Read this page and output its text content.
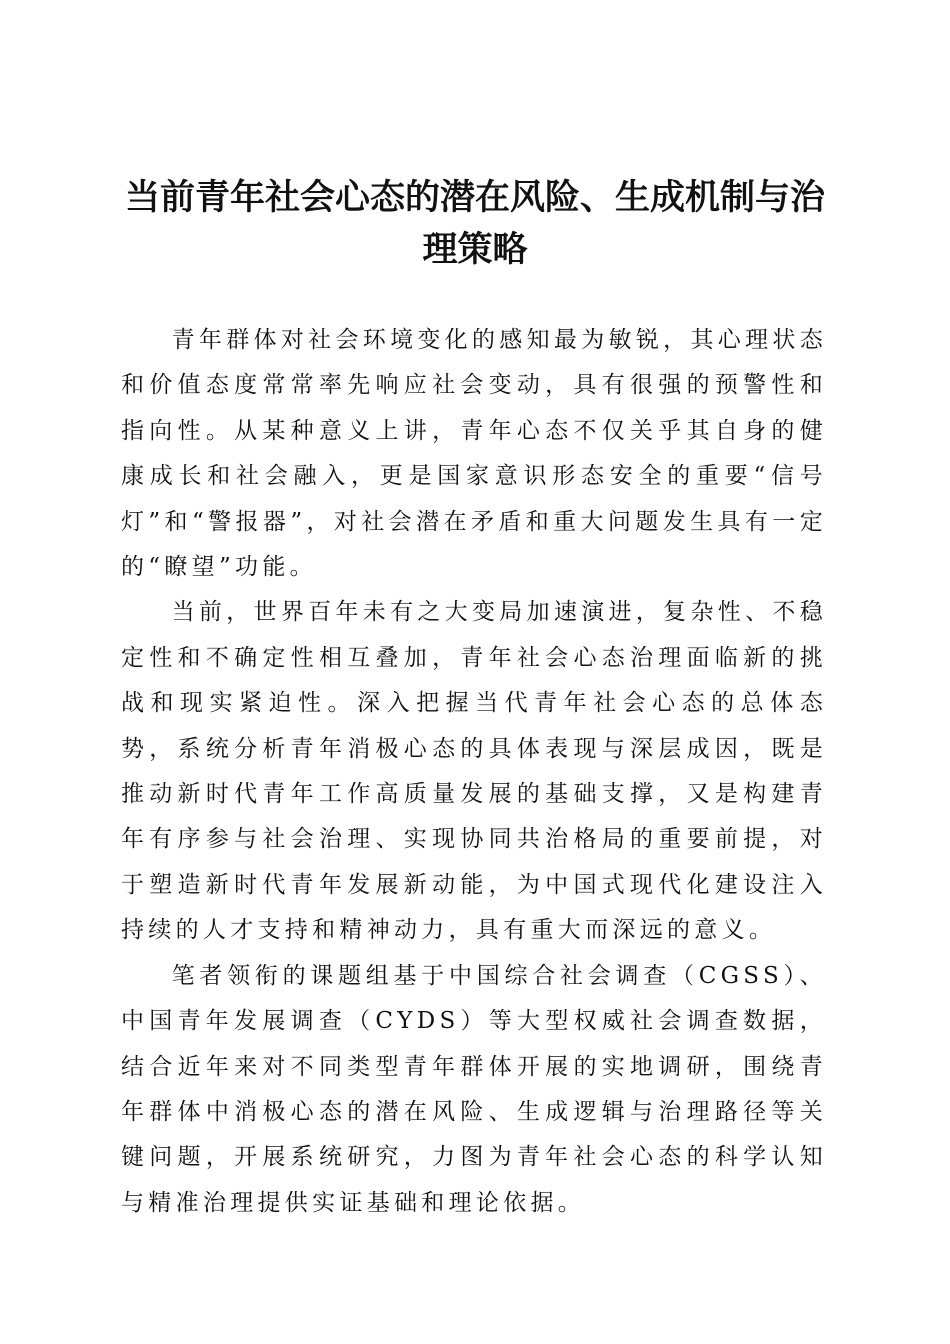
当前青年社会心态的潜在风险、生成机制与治理策略

青年群体对社会环境变化的感知最为敏锐，其心理状态和价值态度常常率先响应社会变动，具有很强的预警性和指向性。从某种意义上讲，青年心态不仅关乎其自身的健康成长和社会融入，更是国家意识形态安全的重要“信号灯”和“警报器”，对社会潜在矛盾和重大问题发生具有一定的“瞭望”功能。

当前，世界百年未有之大变局加速演进，复杂性、不稳定性和不确定性相互叠加，青年社会心态治理面临新的挑战和现实紧迫性。深入把握当代青年社会心态的总体态势，系统分析青年消极心态的具体表现与深层成因，既是推动新时代青年工作高质量发展的基础支撑，又是构建青年有序参与社会治理、实现协同共治格局的重要前提，对于塑造新时代青年发展新动能，为中国式现代化建设注入持续的人才支持和精神动力，具有重大而深远的意义。

笔者领衔的课题组基于中国综合社会调查（CGSS）、中国青年发展调查（CYDS）等大型权威社会调查数据，结合近年来对不同类型青年群体开展的实地调研，围绕青年群体中消极心态的潜在风险、生成逻辑与治理路径等关键问题，开展系统研究，力图为青年社会心态的科学认知与精准治理提供实证基础和理论依据。
